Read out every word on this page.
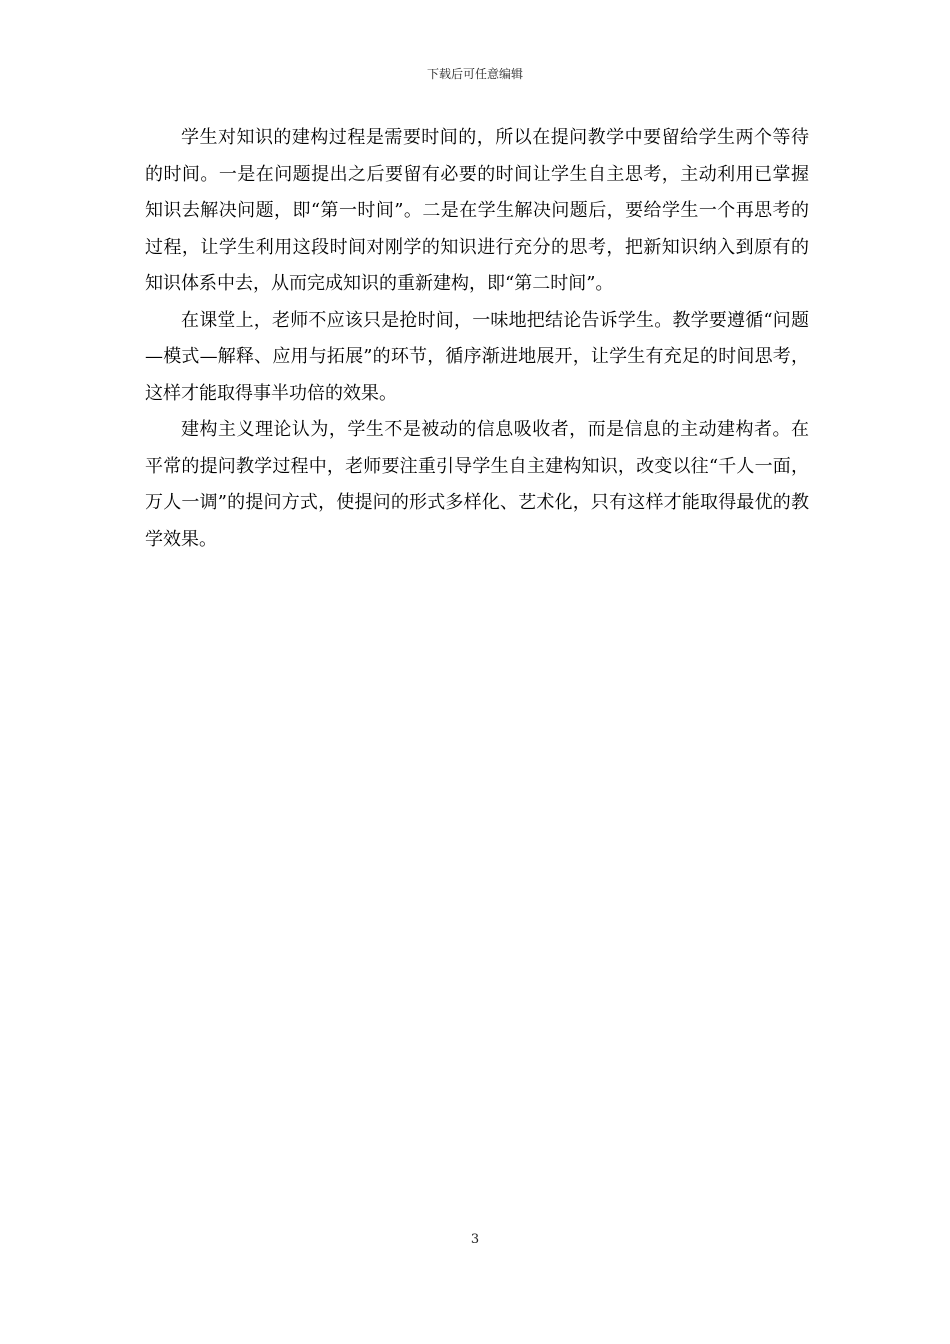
下载后可任意编辑

学生对知识的建构过程是需要时间的，所以在提问教学中要留给学生两个等待的时间。一是在问题提出之后要留有必要的时间让学生自主思考，主动利用已掌握知识去解决问题，即“第一时间”。二是在学生解决问题后，要给学生一个再思考的过程，让学生利用这段时间对刚学的知识进行充分的思考，把新知识纳入到原有的知识体系中去，从而完成知识的重新建构，即“第二时间”。

在课堂上，老师不应该只是抢时间，一味地把结论告诉学生。教学要遵循“问题—模式—解释、应用与拓展”的环节，循序渐进地展开，让学生有充足的时间思考，这样才能取得事半功倍的效果。

建构主义理论认为，学生不是被动的信息吸收者，而是信息的主动建构者。在平常的提问教学过程中，老师要注重引导学生自主建构知识，改变以往“千人一面，万人一调”的提问方式，使提问的形式多样化、艺术化，只有这样才能取得最优的教学效果。

3
